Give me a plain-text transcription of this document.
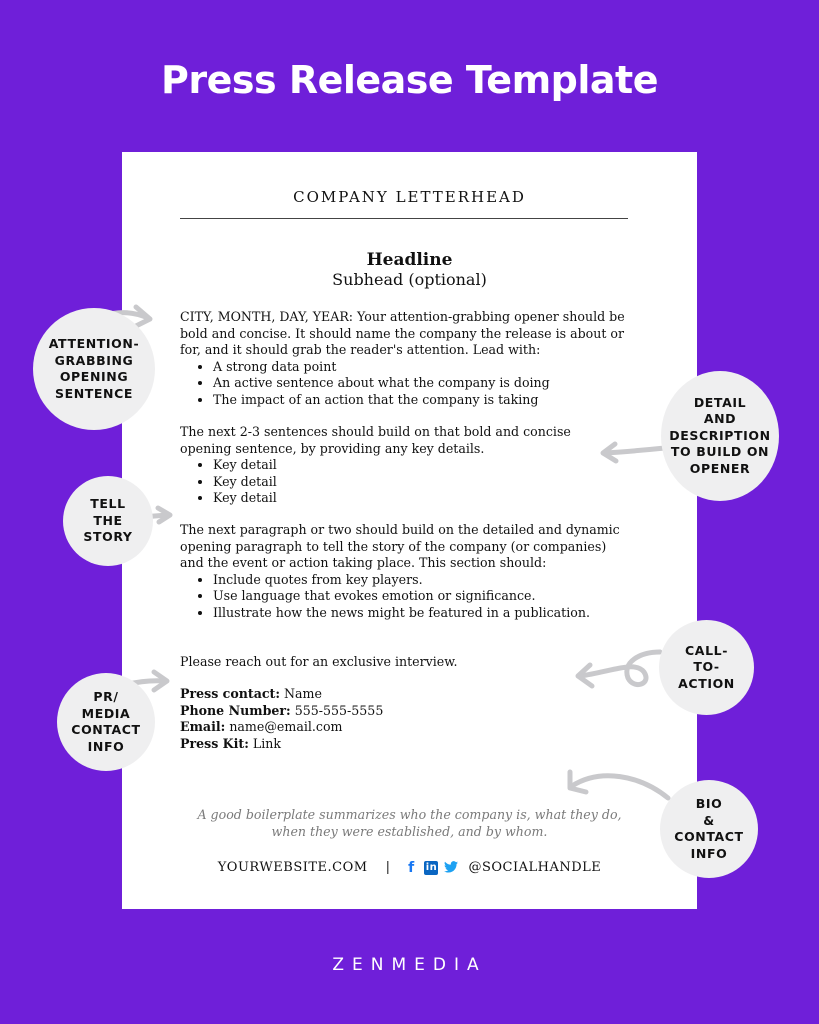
Press Release Template
COMPANY LETTERHEAD
Headline
Subhead (optional)
CITY, MONTH, DAY, YEAR: Your attention-grabbing opener should be bold and concise. It should name the company the release is about or for, and it should grab the reader's attention. Lead with:
• A strong data point
• An active sentence about what the company is doing
• The impact of an action that the company is taking
The next 2-3 sentences should build on that bold and concise opening sentence, by providing any key details.
• Key detail
• Key detail
• Key detail
The next paragraph or two should build on the detailed and dynamic opening paragraph to tell the story of the company (or companies) and the event or action taking place. This section should:
• Include quotes from key players.
• Use language that evokes emotion or significance.
• Illustrate how the news might be featured in a publication.
Please reach out for an exclusive interview.
Press contact: Name
Phone Number: 555-555-5555
Email: name@email.com
Press Kit: Link
A good boilerplate summarizes who the company is, what they do,
when they were established, and by whom.
YOURWEBSITE.COM | f	in @SOCIALHANDLE
ATTENTION-
GRABBING
OPENING
SENTENCE
DETAIL
AND
DESCRIPTION
TO BUILD ON
OPENER
TELL
THE
STORY
CALL-
TO-
ACTION
PR/
MEDIA
CONTACT
INFO
BIO
&
CONTACT
INFO
ZENMEDIA
